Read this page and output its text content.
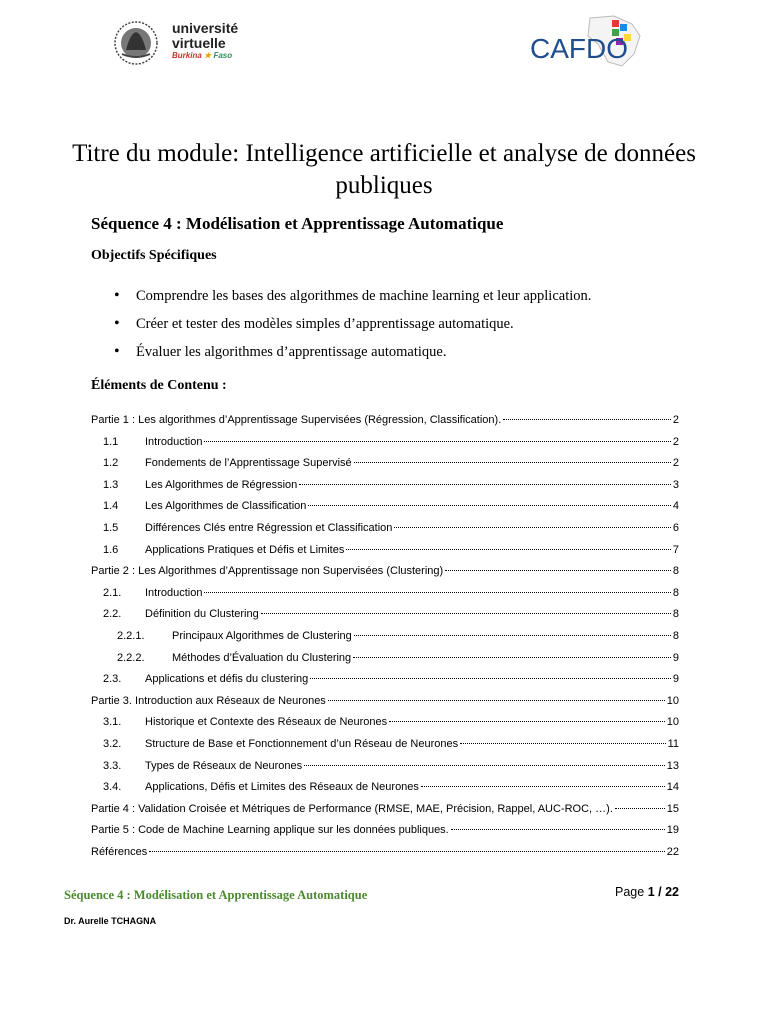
université
virtuelle
Burkina ★ Faso	CAFDO
Titre du module: Intelligence artificielle et analyse de données publiques
Séquence 4 : Modélisation et Apprentissage Automatique
Objectifs Spécifiques
• Comprendre les bases des algorithmes de machine learning et leur application.
• Créer et tester des modèles simples d’apprentissage automatique.
• Évaluer les algorithmes d’apprentissage automatique.
Éléments de Contenu :
Partie 1 : Les algorithmes d’Apprentissage Supervisées (Régression, Classification).	2
1.1	Introduction	2
1.2	Fondements de l’Apprentissage Supervisé	2
1.3	Les Algorithmes de Régression	3
1.4	Les Algorithmes de Classification	4
1.5	Différences Clés entre Régression et Classification	6
1.6	Applications Pratiques et Défis et Limites	7
Partie 2 : Les Algorithmes d’Apprentissage non Supervisées (Clustering)	8
2.1.	Introduction	8
2.2.	Définition du Clustering	8
2.2.1.	Principaux Algorithmes de Clustering	8
2.2.2.	Méthodes d’Évaluation du Clustering	9
2.3.	Applications et défis du clustering	9
Partie 3. Introduction aux Réseaux de Neurones	10
3.1.	Historique et Contexte des Réseaux de Neurones	10
3.2.	Structure de Base et Fonctionnement d’un Réseau de Neurones	11
3.3.	Types de Réseaux de Neurones	13
3.4.	Applications, Défis et Limites des Réseaux de Neurones	14
Partie 4 : Validation Croisée et Métriques de Performance (RMSE, MAE, Précision, Rappel, AUC-ROC, …).	15
Partie 5 : Code de Machine Learning applique sur les données publiques.	19
Références	22

Séquence 4 : Modélisation et Apprentissage Automatique	Page 1 / 22

Dr. Aurelle TCHAGNA
